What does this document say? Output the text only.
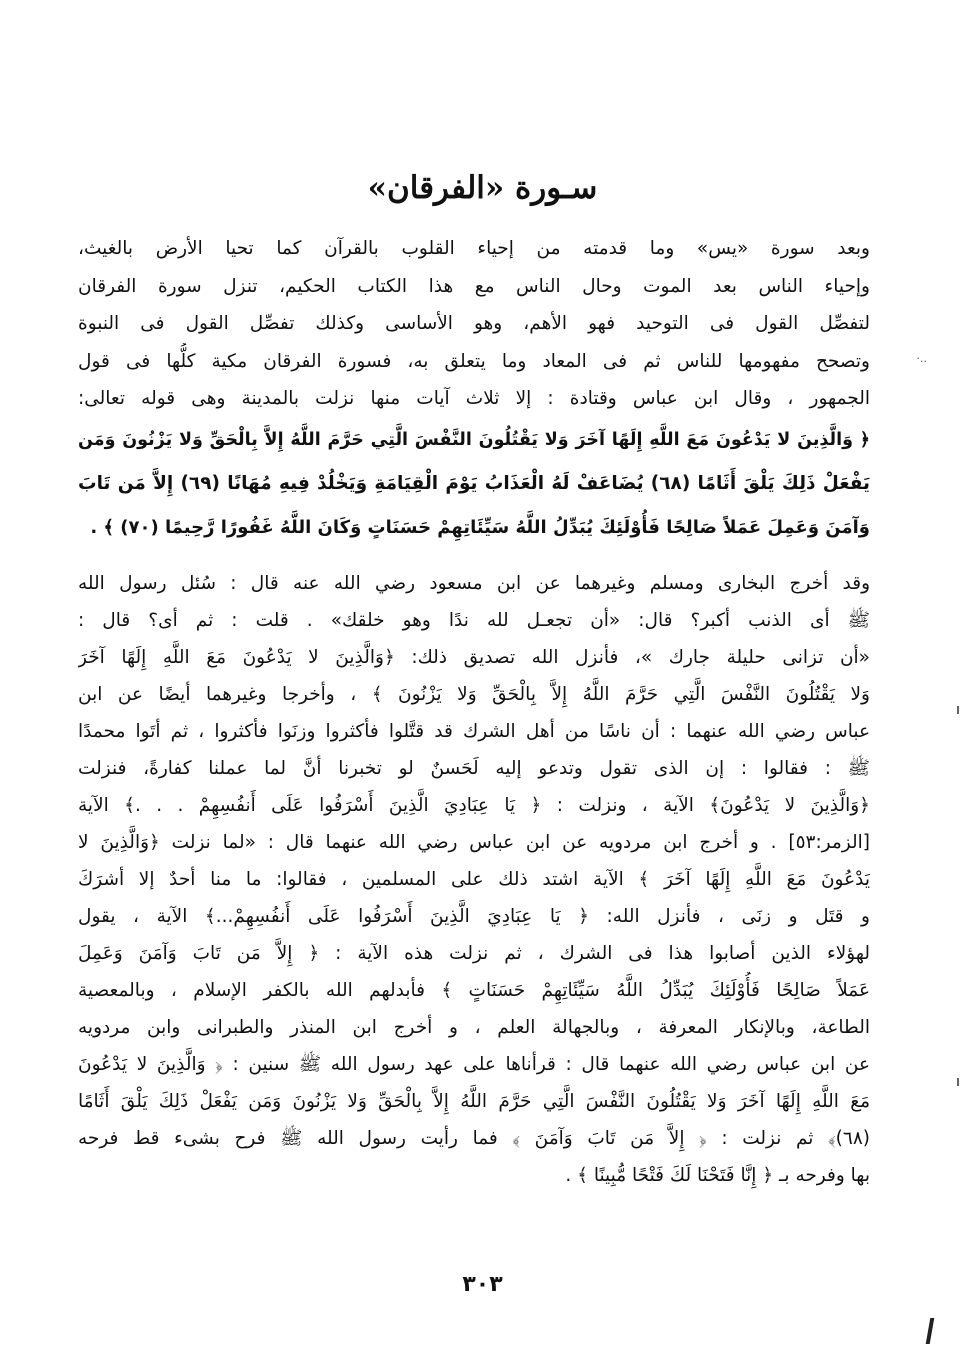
سـورة «الفرقان»
وبعد سورة «يس» وما قدمته من إحياء القلوب بالقرآن كما تحيا الأرض بالغيث،
وإحياء الناس بعد الموت وحال الناس مع هذا الكتاب الحكيم، تنزل سورة الفرقان
لتفصِّل القول فى التوحيد فهو الأهم، وهو الأساسى وكذلك تفصِّل القول فى النبوة
وتصحح مفهومها للناس ثم فى المعاد وما يتعلق به، فسورة الفرقان مكية كلُّها فى قول
الجمهور ، وقال ابن عباس وقتادة : إلا ثلاث آيات منها نزلت بالمدينة وهى قوله تعالى:
﴿ وَالَّذِينَ لا يَدْعُونَ مَعَ اللَّهِ إِلَهًا آخَرَ وَلا يَقْتُلُونَ النَّفْسَ الَّتِي حَرَّمَ اللَّهُ إِلاَّ بِالْحَقِّ وَلا يَزْنُونَ وَمَن
يَفْعَلْ ذَلِكَ يَلْقَ أَثَامًا (٦٨) يُضَاعَفْ لَهُ الْعَذَابُ يَوْمَ الْقِيَامَةِ وَيَخْلُدْ فِيهِ مُهَانًا (٦٩) إِلاَّ مَن تَابَ
وَآمَنَ وَعَمِلَ عَمَلاً صَالِحًا فَأُوْلَئِكَ يُبَدِّلُ اللَّهُ سَيِّئَاتِهِمْ حَسَنَاتٍ وَكَانَ اللَّهُ غَفُورًا رَّحِيمًا (٧٠) ﴾ .
·..
وقد أخرج البخارى ومسلم وغيرهما عن ابن مسعود رضي الله عنه قال : سُئل رسول الله
ﷺ أى الذنب أكبر؟ قال: «أن تجعـل لله ندًا وهو خلقك» . قلت : ثم أى؟ قال :
«أن تزانى حليلة جارك »، فأنزل الله تصديق ذلك: ﴿وَالَّذِينَ لا يَدْعُونَ مَعَ اللَّهِ إِلَهًا آخَرَ
وَلا يَقْتُلُونَ النَّفْسَ الَّتِي حَرَّمَ اللَّهُ إِلاَّ بِالْحَقِّ وَلا يَزْنُونَ ﴾ ، وأخرجا وغيرهما أيضًا عن ابن
عباس رضي الله عنهما : أن ناسًا من أهل الشرك قد قتَّلوا فأكثروا وزنَوا فأكثروا ، ثم أتَوا محمدًا
ﷺ : فقالوا : إن الذى تقول وتدعو إليه لَحَسنٌ لو تخبرنا أنَّ لما عملنا كفارةً، فنزلت
﴿وَالَّذِينَ لا يَدْعُونَ﴾ الآية ، ونزلت : ﴿ يَا عِبَادِيَ الَّذِينَ أَسْرَفُوا عَلَى أَنفُسِهِمْ . . .﴾ الآية
[الزمر:٥٣] . و أخرج ابن مردويه عن ابن عباس رضي الله عنهما قال : «لما نزلت ﴿وَالَّذِينَ لا
يَدْعُونَ مَعَ اللَّهِ إِلَهًا آخَرَ ﴾ الآية اشتد ذلك على المسلمين ، فقالوا: ما منا أحدٌ إلا أشرَكَ
و قتَل و زنَى ، فأنزل الله: ﴿ يَا عِبَادِيَ الَّذِينَ أَسْرَفُوا عَلَى أَنفُسِهِمْ...﴾ الآية ، يقول
لهؤلاء الذين أصابوا هذا فى الشرك ، ثم نزلت هذه الآية : ﴿ إِلاَّ مَن تَابَ وَآمَنَ وَعَمِلَ
عَمَلاً صَالِحًا فَأُوْلَئِكَ يُبَدِّلُ اللَّهُ سَيِّئَاتِهِمْ حَسَنَاتٍ ﴾ فأبدلهم الله بالكفر الإسلام ، وبالمعصية
الطاعة، وبالإنكار المعرفة ، وبالجهالة العلم ، و أخرج ابن المنذر والطبرانى وابن مردويه
عن ابن عباس رضي الله عنهما قال : قرأناها على عهد رسول الله ﷺ سنين : ﴿ وَالَّذِينَ لا يَدْعُونَ
مَعَ اللَّهِ إِلَهًا آخَرَ وَلا يَقْتُلُونَ النَّفْسَ الَّتِي حَرَّمَ اللَّهُ إِلاَّ بِالْحَقِّ وَلا يَزْنُونَ وَمَن يَفْعَلْ ذَلِكَ يَلْقَ أَثَامًا
(٦٨)﴾ ثم نزلت : ﴿ إِلاَّ مَن تَابَ وَآمَنَ ﴾ فما رأيت رسول الله ﷺ فرح بشىء قط فرحه
بها وفرحه بـ ﴿ إِنَّا فَتَحْنَا لَكَ فَتْحًا مُّبِينًا ﴾ .
٣٠٣
